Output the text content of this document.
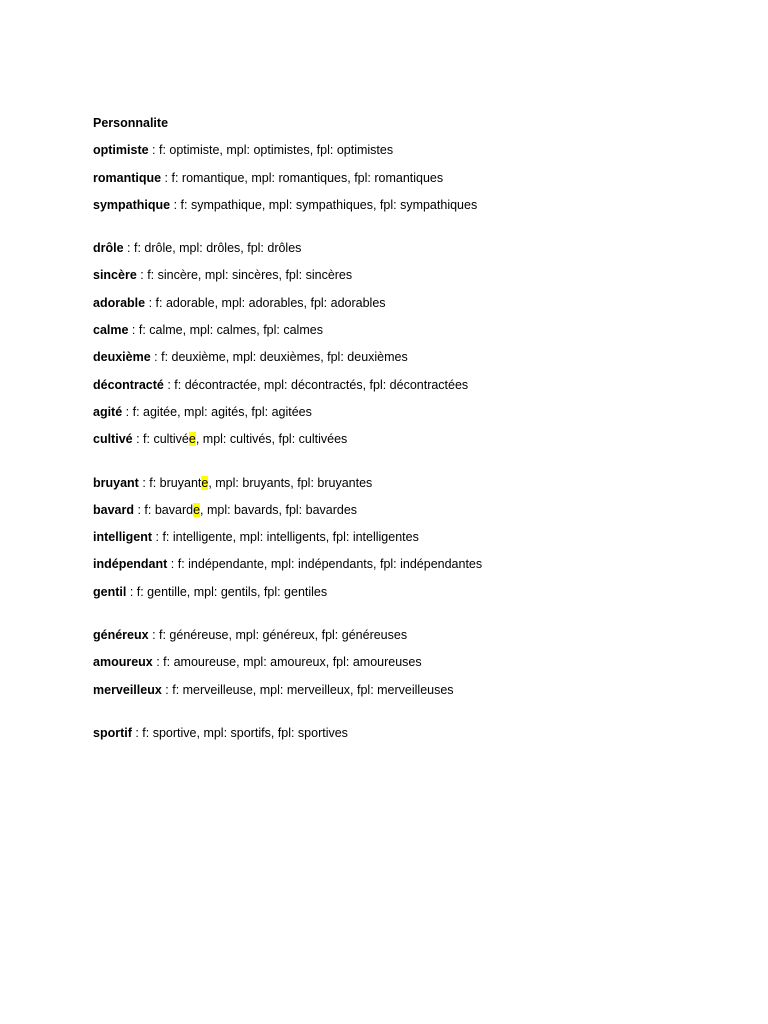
Personnalite
optimiste : f: optimiste, mpl: optimistes, fpl: optimistes
romantique : f: romantique, mpl: romantiques, fpl: romantiques
sympathique : f: sympathique, mpl: sympathiques, fpl: sympathiques
drôle : f: drôle, mpl: drôles, fpl: drôles
sincère : f: sincère, mpl: sincères, fpl: sincères
adorable : f: adorable, mpl: adorables, fpl: adorables
calme : f: calme, mpl: calmes, fpl: calmes
deuxième : f: deuxième, mpl: deuxièmes, fpl: deuxièmes
décontracté : f: décontractée, mpl: décontractés, fpl: décontractées
agité : f: agitée, mpl: agités, fpl: agitées
cultivé : f: cultivée, mpl: cultivés, fpl: cultivées
bruyant : f: bruyante, mpl: bruyants, fpl: bruyantes
bavard : f: bavarde, mpl: bavards, fpl: bavardes
intelligent : f: intelligente, mpl: intelligents, fpl: intelligentes
indépendant : f: indépendante, mpl: indépendants, fpl: indépendantes
gentil : f: gentille, mpl: gentils, fpl: gentiles
généreux : f: généreuse, mpl: généreux, fpl: généreuses
amoureux : f: amoureuse, mpl: amoureux, fpl: amoureuses
merveilleux : f: merveilleuse, mpl: merveilleux, fpl: merveilleuses
sportif : f: sportive, mpl: sportifs, fpl: sportives
